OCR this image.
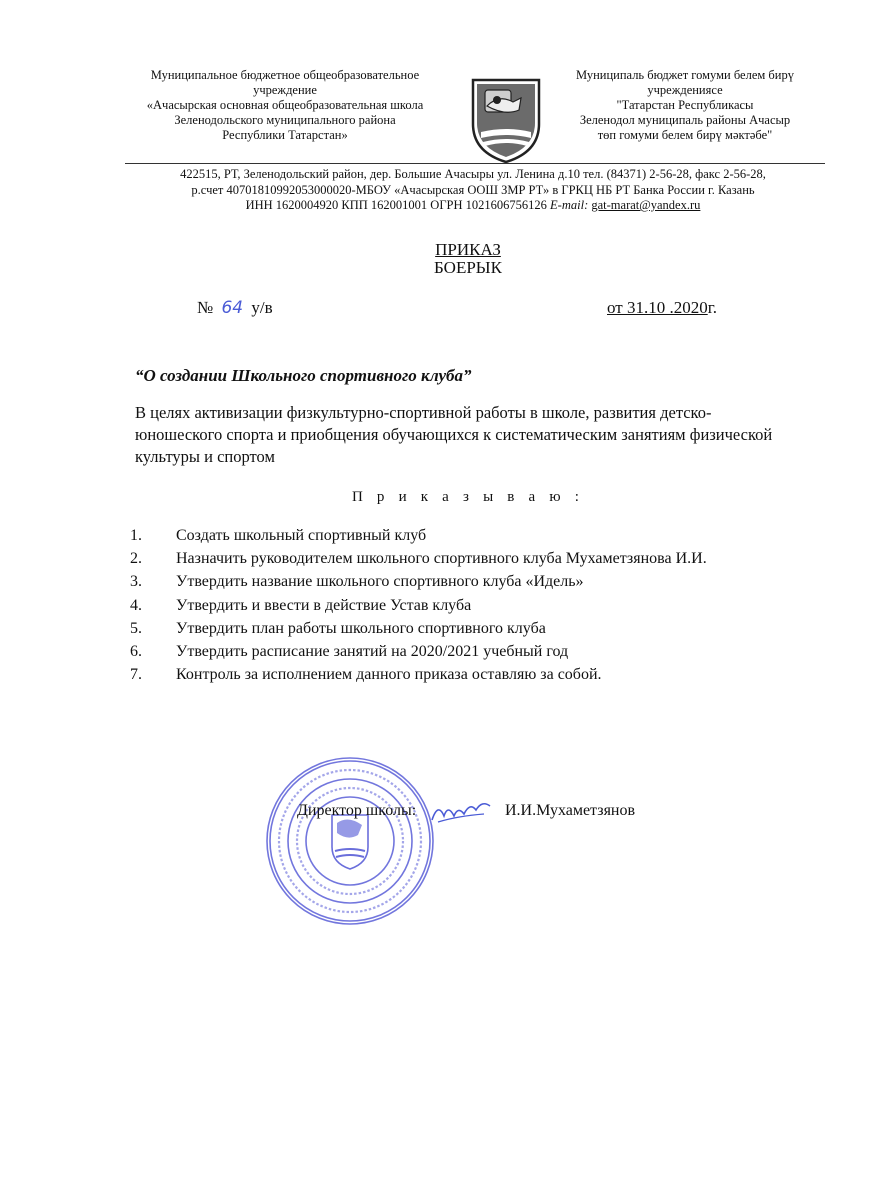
Муниципальное бюджетное общеобразовательное
учреждение
«Ачасырская основная общеобразовательная школа
Зеленодольского муниципального района
Республики Татарстан»
Муниципаль бюджет гомуми белем бирү
учреждениясе
"Татарстан Республикасы
Зеленодол муниципаль районы Ачасыр
төп гомуми белем бирү мәктәбе"
422515, РТ, Зеленодольский район, дер. Большие Ачасыры ул. Ленина д.10 тел. (84371) 2-56-28, факс 2-56-28,
р.счет 40701810992053000020-МБОУ «Ачасырская ООШ ЗМР РТ» в ГРКЦ НБ РТ Банка России г. Казань
ИНН 1620004920 КПП 162001001 ОГРН 1021606756126 E-mail: gat-marat@yandex.ru
ПРИКАЗ
БОЕРЫК
№ 64 у/в	от 31.10 .2020г.
“О создании Школьного спортивного клуба”
В целях активизации физкультурно-спортивной работы в школе, развития детско-юношеского спорта и приобщения обучающихся к систематическим занятиям физической культуры и спортом
П р и к а з ы в а ю :
1.	Создать школьный спортивный клуб
2.	Назначить руководителем школьного спортивного клуба Мухаметзянова И.И.
3.	Утвердить название школьного спортивного клуба «Идель»
4.	Утвердить и ввести в действие Устав клуба
5.	Утвердить план работы школьного спортивного клуба
6.	Утвердить расписание занятий на 2020/2021 учебный год
7.	Контроль за исполнением данного приказа оставляю за собой.
Директор школы:	И.И.Мухаметзянов
